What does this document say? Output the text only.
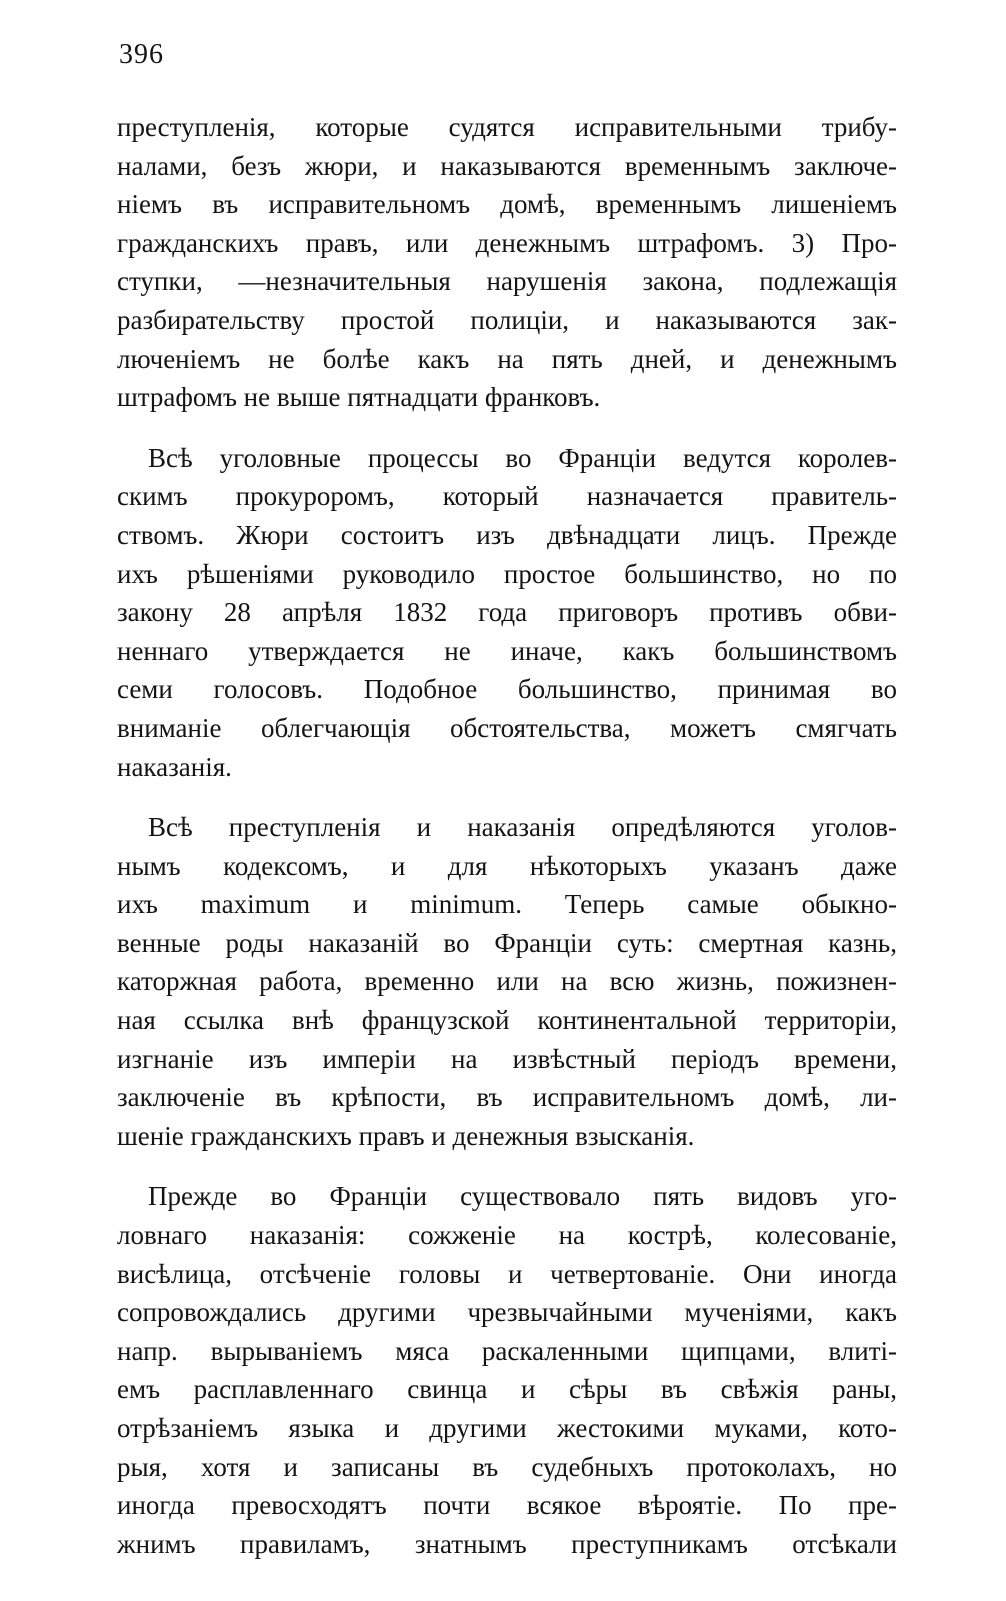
396

преступленія, которые судятся исправительными трибу-
налами, безъ жюри, и наказываются временнымъ заключе-
ніемъ въ исправительномъ домѣ, временнымъ лишеніемъ
гражданскихъ правъ, или денежнымъ штрафомъ. 3) Про-
ступки, —незначительныя нарушенія закона, подлежащія
разбирательству простой полиціи, и наказываются зак-
люченіемъ не болѣе какъ на пять дней, и денежнымъ
штрафомъ не выше пятнадцати франковъ.

Всѣ уголовные процессы во Франціи ведутся королев-
скимъ прокуроромъ, который назначается правитель-
ствомъ. Жюри состоитъ изъ двѣнадцати лицъ. Прежде
ихъ рѣшеніями руководило простое большинство, но по
закону 28 апрѣля 1832 года приговоръ противъ обви-
неннаго утверждается не иначе, какъ большинствомъ
семи голосовъ. Подобное большинство, принимая во
вниманіе облегчающія обстоятельства, можетъ смягчать
наказанія.

Всѣ преступленія и наказанія опредѣляются уголов-
нымъ кодексомъ, и для нѣкоторыхъ указанъ даже
ихъ maximum и minimum. Теперь самые обыкно-
венные роды наказаній во Франціи суть: смертная казнь,
каторжная работа, временно или на всю жизнь, пожизнен-
ная ссылка внѣ французской континентальной территоріи,
изгнаніе изъ имперіи на извѣстный періодъ времени,
заключеніе въ крѣпости, въ исправительномъ домѣ, ли-
шеніе гражданскихъ правъ и денежныя взысканія.

Прежде во Франціи существовало пять видовъ уго-
ловнаго наказанія: сожженіе на кострѣ, колесованіе,
висѣлица, отсѣченіе головы и четвертованіе. Они иногда
сопровождались другими чрезвычайными мученіями, какъ
напр. вырываніемъ мяса раскаленными щипцами, влиті-
емъ расплавленнаго свинца и сѣры въ свѣжія раны,
отрѣзаніемъ языка и другими жестокими муками, кото-
рыя, хотя и записаны въ судебныхъ протоколахъ, но
иногда превосходятъ почти всякое вѣроятіе. По пре-
жнимъ правиламъ, знатнымъ преступникамъ отсѣкали
